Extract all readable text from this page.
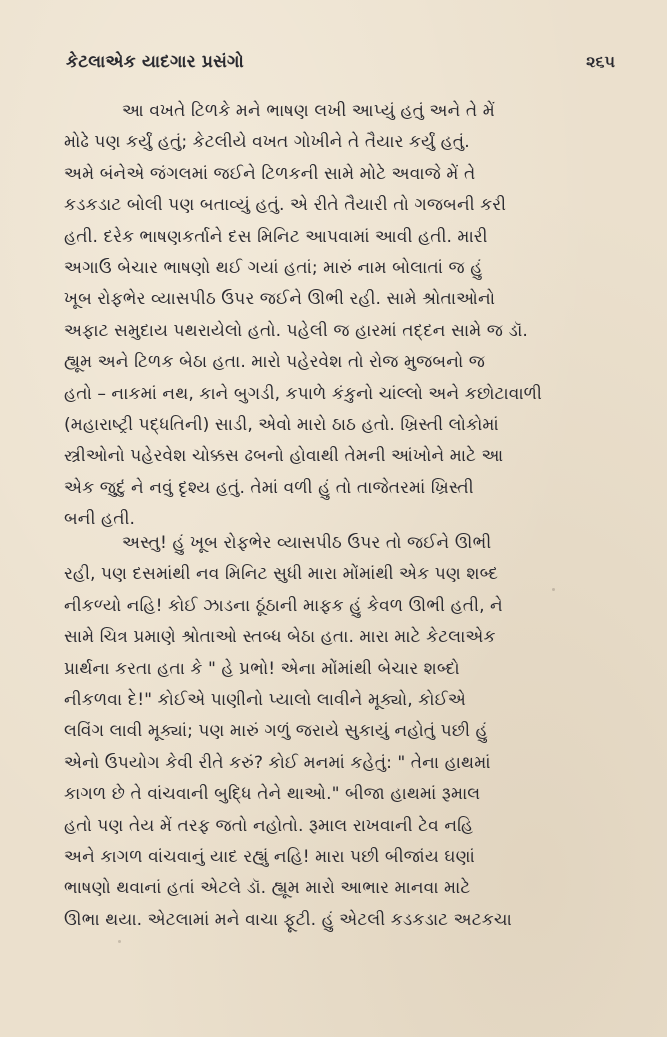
કેટલાએક યાદગાર પ્રસંગો	૨૬૫
આ વખતે ટિળકે મને ભાષણ લખી આપ્યું હતું અને તે મેં
મોઢે પણ કર્યું હતું; કેટલીયે વખત ગોખીને તે તૈયાર કર્યું હતું.
અમે બંનેએ જંગલમાં જઈને ટિળકની સામે મોટે અવાજે મેં તે
કડકડાટ બોલી પણ બતાવ્યું હતું. એ રીતે તૈયારી તો ગજબની કરી
હતી. દરેક ભાષણકર્તાને દસ મિનિટ આપવામાં આવી હતી. મારી
અગાઉ બેચાર ભાષણો થઈ ગયાં હતાં; મારું નામ બોલાતાં જ હું
ખૂબ રોફભેર વ્યાસપીઠ ઉપર જઈને ઊભી રહી. સામે શ્રોતાઓનો
અફાટ સમુદાય પથરાયેલો હતો. પહેલી જ હારમાં તદ્દન સામે જ ડૉ.
હ્યૂમ અને ટિળક બેઠા હતા. મારો પહેરવેશ તો રોજ મુજબનો જ
હતો – નાકમાં નથ, કાને બુગડી, કપાળે કંકુનો ચાંલ્લો અને કછોટાવાળી
(મહારાષ્ટ્રી પદ્ધતિની) સાડી, એવો મારો ઠાઠ હતો. ખ્રિસ્તી લોકોમાં
સ્ત્રીઓનો પહેરવેશ ચોક્કસ ઢબનો હોવાથી તેમની આંખોને માટે આ
એક જુદું ને નવું દૃશ્ય હતું. તેમાં વળી હું તો તાજેતરમાં ખ્રિસ્તી
બની હતી.
અસ્તુ! હું ખૂબ રોફભેર વ્યાસપીઠ ઉપર તો જઈને ઊભી
રહી, પણ દસમાંથી નવ મિનિટ સુધી મારા મોંમાંથી એક પણ શબ્દ
નીકળ્યો નહિ! કોઈ ઝાડના ઠૂંઠાની માફક હું કેવળ ઊભી હતી, ને
સામે ચિત્ર પ્રમાણે શ્રોતાઓ સ્તબ્ધ બેઠા હતા. મારા માટે કેટલાએક
પ્રાર્થના કરતા હતા કે " હે પ્રભો! એના મોંમાંથી બેચાર શબ્દો
નીકળવા દે!" કોઈએ પાણીનો પ્યાલો લાવીને મૂક્યો, કોઈએ
લવિંગ લાવી મૂક્યાં; પણ મારું ગળું જરાયે સુકાયું નહોતું પછી હું
એનો ઉપયોગ કેવી રીતે કરું? કોઈ મનમાં કહેતું: " તેના હાથમાં
કાગળ છે તે વાંચવાની બુદ્ધિ તેને થાઓ." બીજા હાથમાં રૂમાલ
હતો પણ તેય મેં તરફ જતો નહોતો. રૂમાલ રાખવાની ટેવ નહિ
અને કાગળ વાંચવાનું યાદ રહ્યું નહિ! મારા પછી બીજાંય ઘણાં
ભાષણો થવાનાં હતાં એટલે ડૉ. હ્યૂમ મારો આભાર માનવા માટે
ઊભા થયા. એટલામાં મને વાચા ફૂટી. હું એટલી કડકડાટ અટકચા
